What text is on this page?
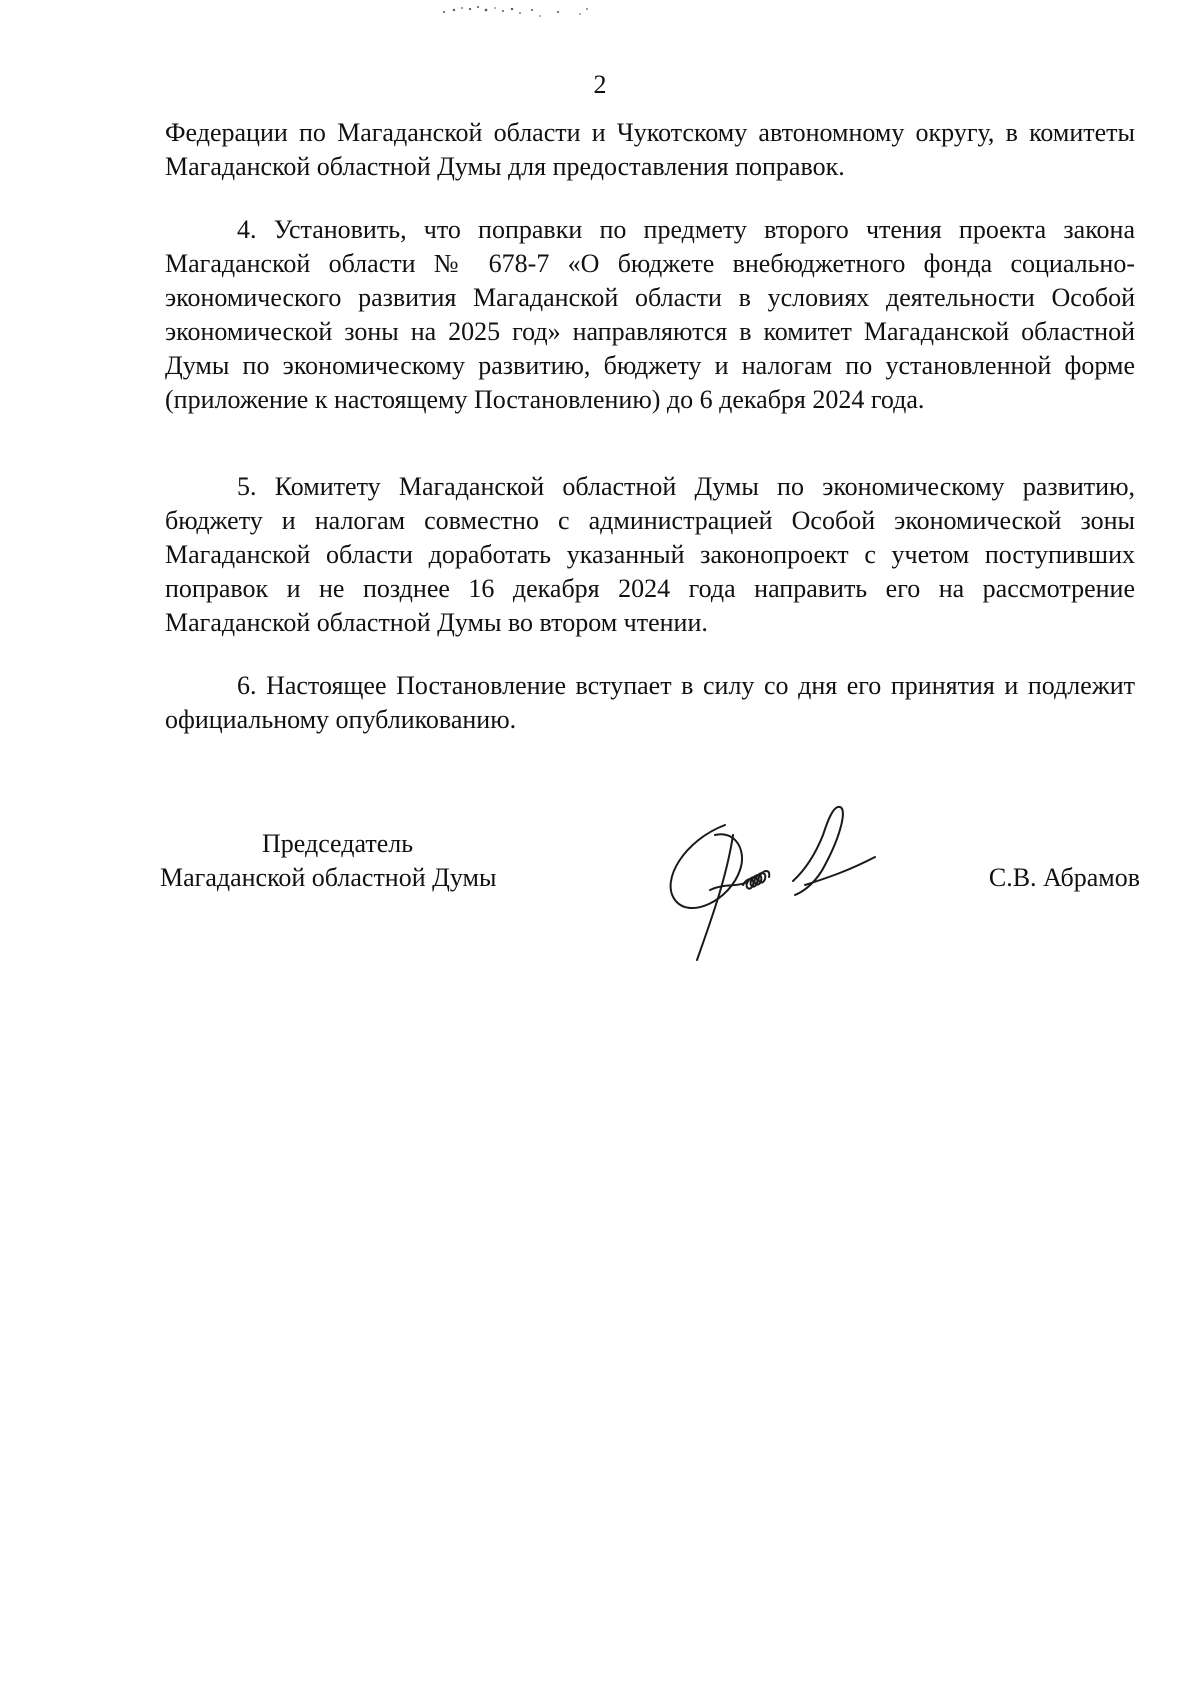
2

Федерации по Магаданской области и Чукотскому автономному округу, в комитеты Магаданской областной Думы для предоставления поправок.

4. Установить, что поправки по предмету второго чтения проекта закона Магаданской области № 678-7 «О бюджете внебюджетного фонда социально-экономического развития Магаданской области в условиях деятельности Особой экономической зоны на 2025 год» направляются в комитет Магаданской областной Думы по экономическому развитию, бюджету и налогам по установленной форме (приложение к настоящему Постановлению) до 6 декабря 2024 года.

5. Комитету Магаданской областной Думы по экономическому развитию, бюджету и налогам совместно с администрацией Особой экономической зоны Магаданской области доработать указанный законопроект с учетом поступивших поправок и не позднее 16 декабря 2024 года направить его на рассмотрение Магаданской областной Думы во втором чтении.

6. Настоящее Постановление вступает в силу со дня его принятия и подлежит официальному опубликованию.

Председатель
Магаданской областной Думы	С.В. Абрамов
